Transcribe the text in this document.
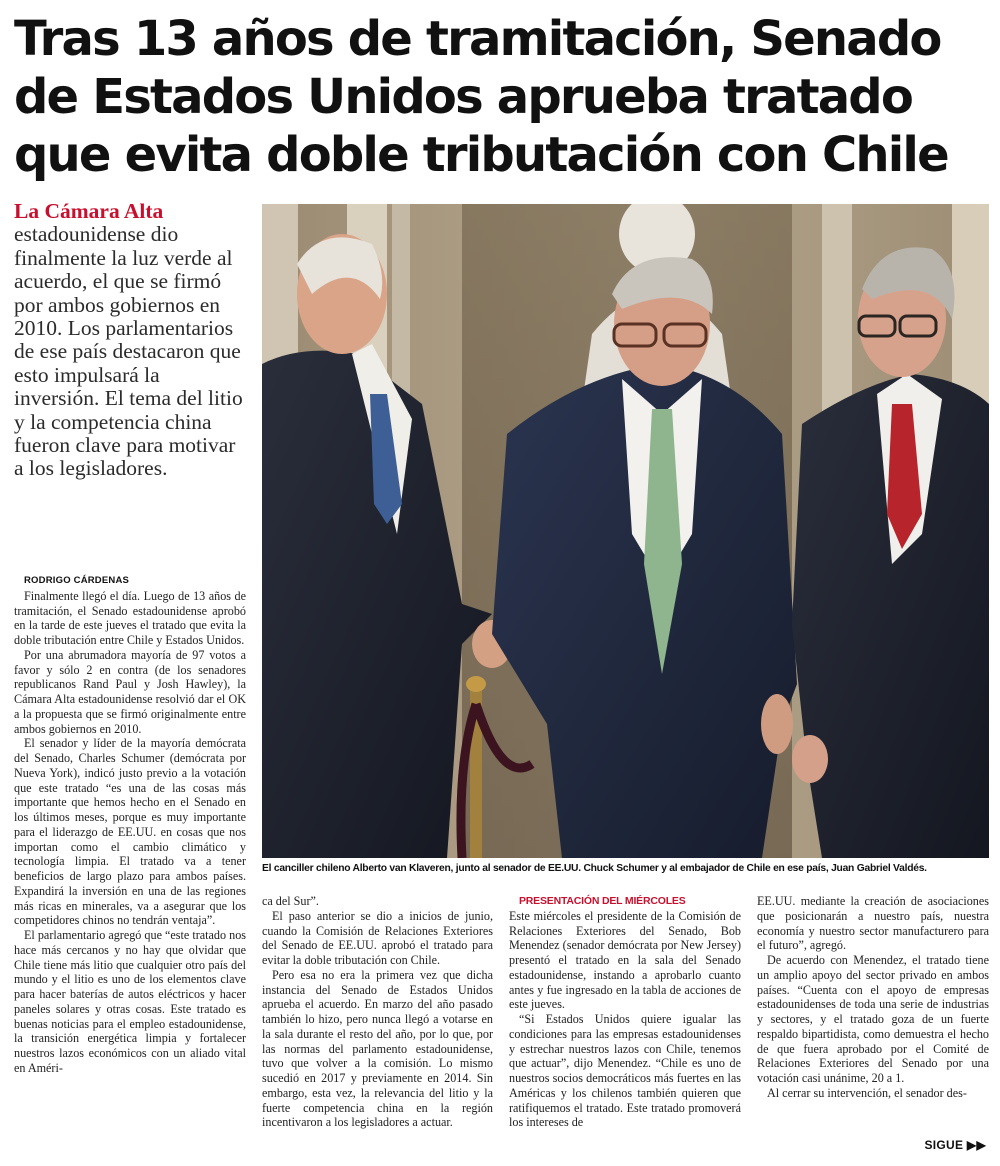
Tras 13 años de tramitación, Senado de Estados Unidos aprueba tratado que evita doble tributación con Chile
La Cámara Alta estadounidense dio finalmente la luz verde al acuerdo, el que se firmó por ambos gobiernos en 2010. Los parlamentarios de ese país destacaron que esto impulsará la inversión. El tema del litio y la competencia china fueron clave para motivar a los legisladores.
El canciller chileno Alberto van Klaveren, junto al senador de EE.UU. Chuck Schumer y al embajador de Chile en ese país, Juan Gabriel Valdés.

RODRIGO CÁRDENAS

Finalmente llegó el día. Luego de 13 años de tramitación, el Senado estadounidense aprobó en la tarde de este jueves el tratado que evita la doble tributación entre Chile y Estados Unidos.

Por una abrumadora mayoría de 97 votos a favor y sólo 2 en contra (de los senadores republicanos Rand Paul y Josh Hawley), la Cámara Alta estadounidense resolvió dar el OK a la propuesta que se firmó originalmente entre ambos gobiernos en 2010.

El senador y líder de la mayoría demócrata del Senado, Charles Schumer (demócrata por Nueva York), indicó justo previo a la votación que este tratado “es una de las cosas más importante que hemos hecho en el Senado en los últimos meses, porque es muy importante para el liderazgo de EE.UU. en cosas que nos importan como el cambio climático y tecnología limpia. El tratado va a tener beneficios de largo plazo para ambos países. Expandirá la inversión en una de las regiones más ricas en minerales, va a asegurar que los competidores chinos no tendrán ventaja”.

El parlamentario agregó que “este tratado nos hace más cercanos y no hay que olvidar que Chile tiene más litio que cualquier otro país del mundo y el litio es uno de los elementos clave para hacer baterías de autos eléctricos y hacer paneles solares y otras cosas. Este tratado es buenas noticias para el empleo estadounidense, la transición energética limpia y fortalecer nuestros lazos económicos con un aliado vital en Améri-

ca del Sur”.

El paso anterior se dio a inicios de junio, cuando la Comisión de Relaciones Exteriores del Senado de EE.UU. aprobó el tratado para evitar la doble tributación con Chile.

Pero esa no era la primera vez que dicha instancia del Senado de Estados Unidos aprueba el acuerdo. En marzo del año pasado también lo hizo, pero nunca llegó a votarse en la sala durante el resto del año, por lo que, por las normas del parlamento estadounidense, tuvo que volver a la comisión. Lo mismo sucedió en 2017 y previamente en 2014. Sin embargo, esta vez, la relevancia del litio y la fuerte competencia china en la región incentivaron a los legisladores a actuar.

PRESENTACIÓN DEL MIÉRCOLES

Este miércoles el presidente de la Comisión de Relaciones Exteriores del Senado, Bob Menendez (senador demócrata por New Jersey) presentó el tratado en la sala del Senado estadounidense, instando a aprobarlo cuanto antes y fue ingresado en la tabla de acciones de este jueves.

“Si Estados Unidos quiere igualar las condiciones para las empresas estadounidenses y estrechar nuestros lazos con Chile, tenemos que actuar”, dijo Menendez. “Chile es uno de nuestros socios democráticos más fuertes en las Américas y los chilenos también quieren que ratifiquemos el tratado. Este tratado promoverá los intereses de

EE.UU. mediante la creación de asociaciones que posicionarán a nuestro país, nuestra economía y nuestro sector manufacturero para el futuro”, agregó.

De acuerdo con Menendez, el tratado tiene un amplio apoyo del sector privado en ambos países. “Cuenta con el apoyo de empresas estadounidenses de toda una serie de industrias y sectores, y el tratado goza de un fuerte respaldo bipartidista, como demuestra el hecho de que fuera aprobado por el Comité de Relaciones Exteriores del Senado por una votación casi unánime, 20 a 1.

Al cerrar su intervención, el senador des-

SIGUE ▶▶
